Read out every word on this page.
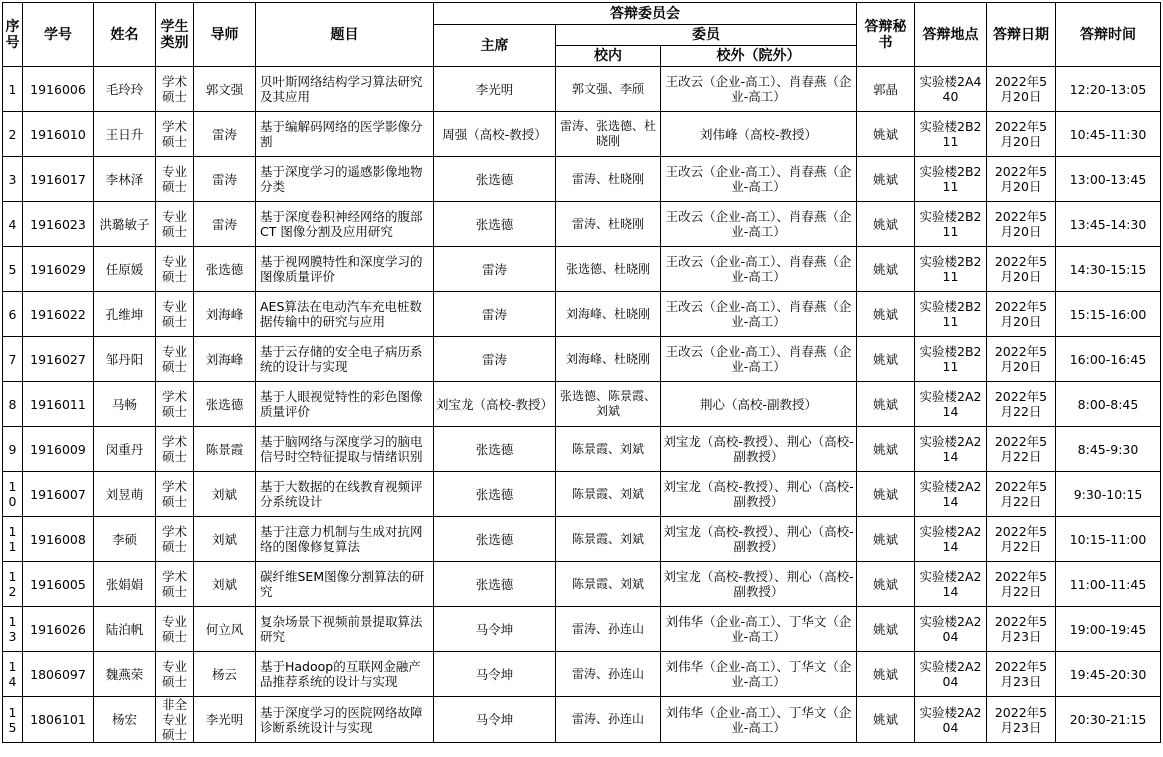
序号	学号	姓名	学生类别	导师	题目	答辩委员会			答辩秘书	答辩地点	答辩日期	答辩时间
						主席	委员					
							校内	校外（院外）				
1	1916006	毛玲玲	学术硕士	郭文强	贝叶斯网络结构学习算法研究及其应用	李光明	郭文强、李颀	王改云（企业-高工）、肖春燕（企业-高工）	郭晶	实验楼2A440	2022年5月20日	12:20-13:05
2	1916010	王日升	学术硕士	雷涛	基于编解码网络的医学影像分割	周强（高校-教授）	雷涛、张选德、杜晓刚	刘伟峰（高校-教授）	姚斌	实验楼2B211	2022年5月20日	10:45-11:30
3	1916017	李林泽	专业硕士	雷涛	基于深度学习的遥感影像地物分类	张选德	雷涛、杜晓刚	王改云（企业-高工）、肖春燕（企业-高工）	姚斌	实验楼2B211	2022年5月20日	13:00-13:45
4	1916023	洪璐敏子	专业硕士	雷涛	基于深度卷积神经网络的腹部 CT 图像分割及应用研究	张选德	雷涛、杜晓刚	王改云（企业-高工）、肖春燕（企业-高工）	姚斌	实验楼2B211	2022年5月20日	13:45-14:30
5	1916029	任原媛	专业硕士	张选德	基于视网膜特性和深度学习的图像质量评价	雷涛	张选德、杜晓刚	王改云（企业-高工）、肖春燕（企业-高工）	姚斌	实验楼2B211	2022年5月20日	14:30-15:15
6	1916022	孔维坤	专业硕士	刘海峰	AES算法在电动汽车充电桩数据传输中的研究与应用	雷涛	刘海峰、杜晓刚	王改云（企业-高工）、肖春燕（企业-高工）	姚斌	实验楼2B211	2022年5月20日	15:15-16:00
7	1916027	邹丹阳	专业硕士	刘海峰	基于云存储的安全电子病历系统的设计与实现	雷涛	刘海峰、杜晓刚	王改云（企业-高工）、肖春燕（企业-高工）	姚斌	实验楼2B211	2022年5月20日	16:00-16:45
8	1916011	马畅	学术硕士	张选德	基于人眼视觉特性的彩色图像质量评价	刘宝龙（高校-教授）	张选德、陈景霞、刘斌	荆心（高校-副教授）	姚斌	实验楼2A214	2022年5月22日	8:00-8:45
9	1916009	闵重丹	学术硕士	陈景霞	基于脑网络与深度学习的脑电信号时空特征提取与情绪识别	张选德	陈景霞、刘斌	刘宝龙（高校-教授）、荆心（高校-副教授）	姚斌	实验楼2A214	2022年5月22日	8:45-9:30
10	1916007	刘昱萌	学术硕士	刘斌	基于大数据的在线教育视频评分系统设计	张选德	陈景霞、刘斌	刘宝龙（高校-教授）、荆心（高校-副教授）	姚斌	实验楼2A214	2022年5月22日	9:30-10:15
11	1916008	李硕	学术硕士	刘斌	基于注意力机制与生成对抗网络的图像修复算法	张选德	陈景霞、刘斌	刘宝龙（高校-教授）、荆心（高校-副教授）	姚斌	实验楼2A214	2022年5月22日	10:15-11:00
12	1916005	张娟娟	学术硕士	刘斌	碳纤维SEM图像分割算法的研究	张选德	陈景霞、刘斌	刘宝龙（高校-教授）、荆心（高校-副教授）	姚斌	实验楼2A214	2022年5月22日	11:00-11:45
13	1916026	陆泊帆	专业硕士	何立风	复杂场景下视频前景提取算法研究	马令坤	雷涛、孙连山	刘伟华（企业-高工）、丁华文（企业-高工）	姚斌	实验楼2A204	2022年5月23日	19:00-19:45
14	1806097	魏燕荣	专业硕士	杨云	基于Hadoop的互联网金融产品推荐系统的设计与实现	马令坤	雷涛、孙连山	刘伟华（企业-高工）、丁华文（企业-高工）	姚斌	实验楼2A204	2022年5月23日	19:45-20:30
15	1806101	杨宏	非全专业硕士	李光明	基于深度学习的医院网络故障诊断系统设计与实现	马令坤	雷涛、孙连山	刘伟华（企业-高工）、丁华文（企业-高工）	姚斌	实验楼2A204	2022年5月23日	20:30-21:15
